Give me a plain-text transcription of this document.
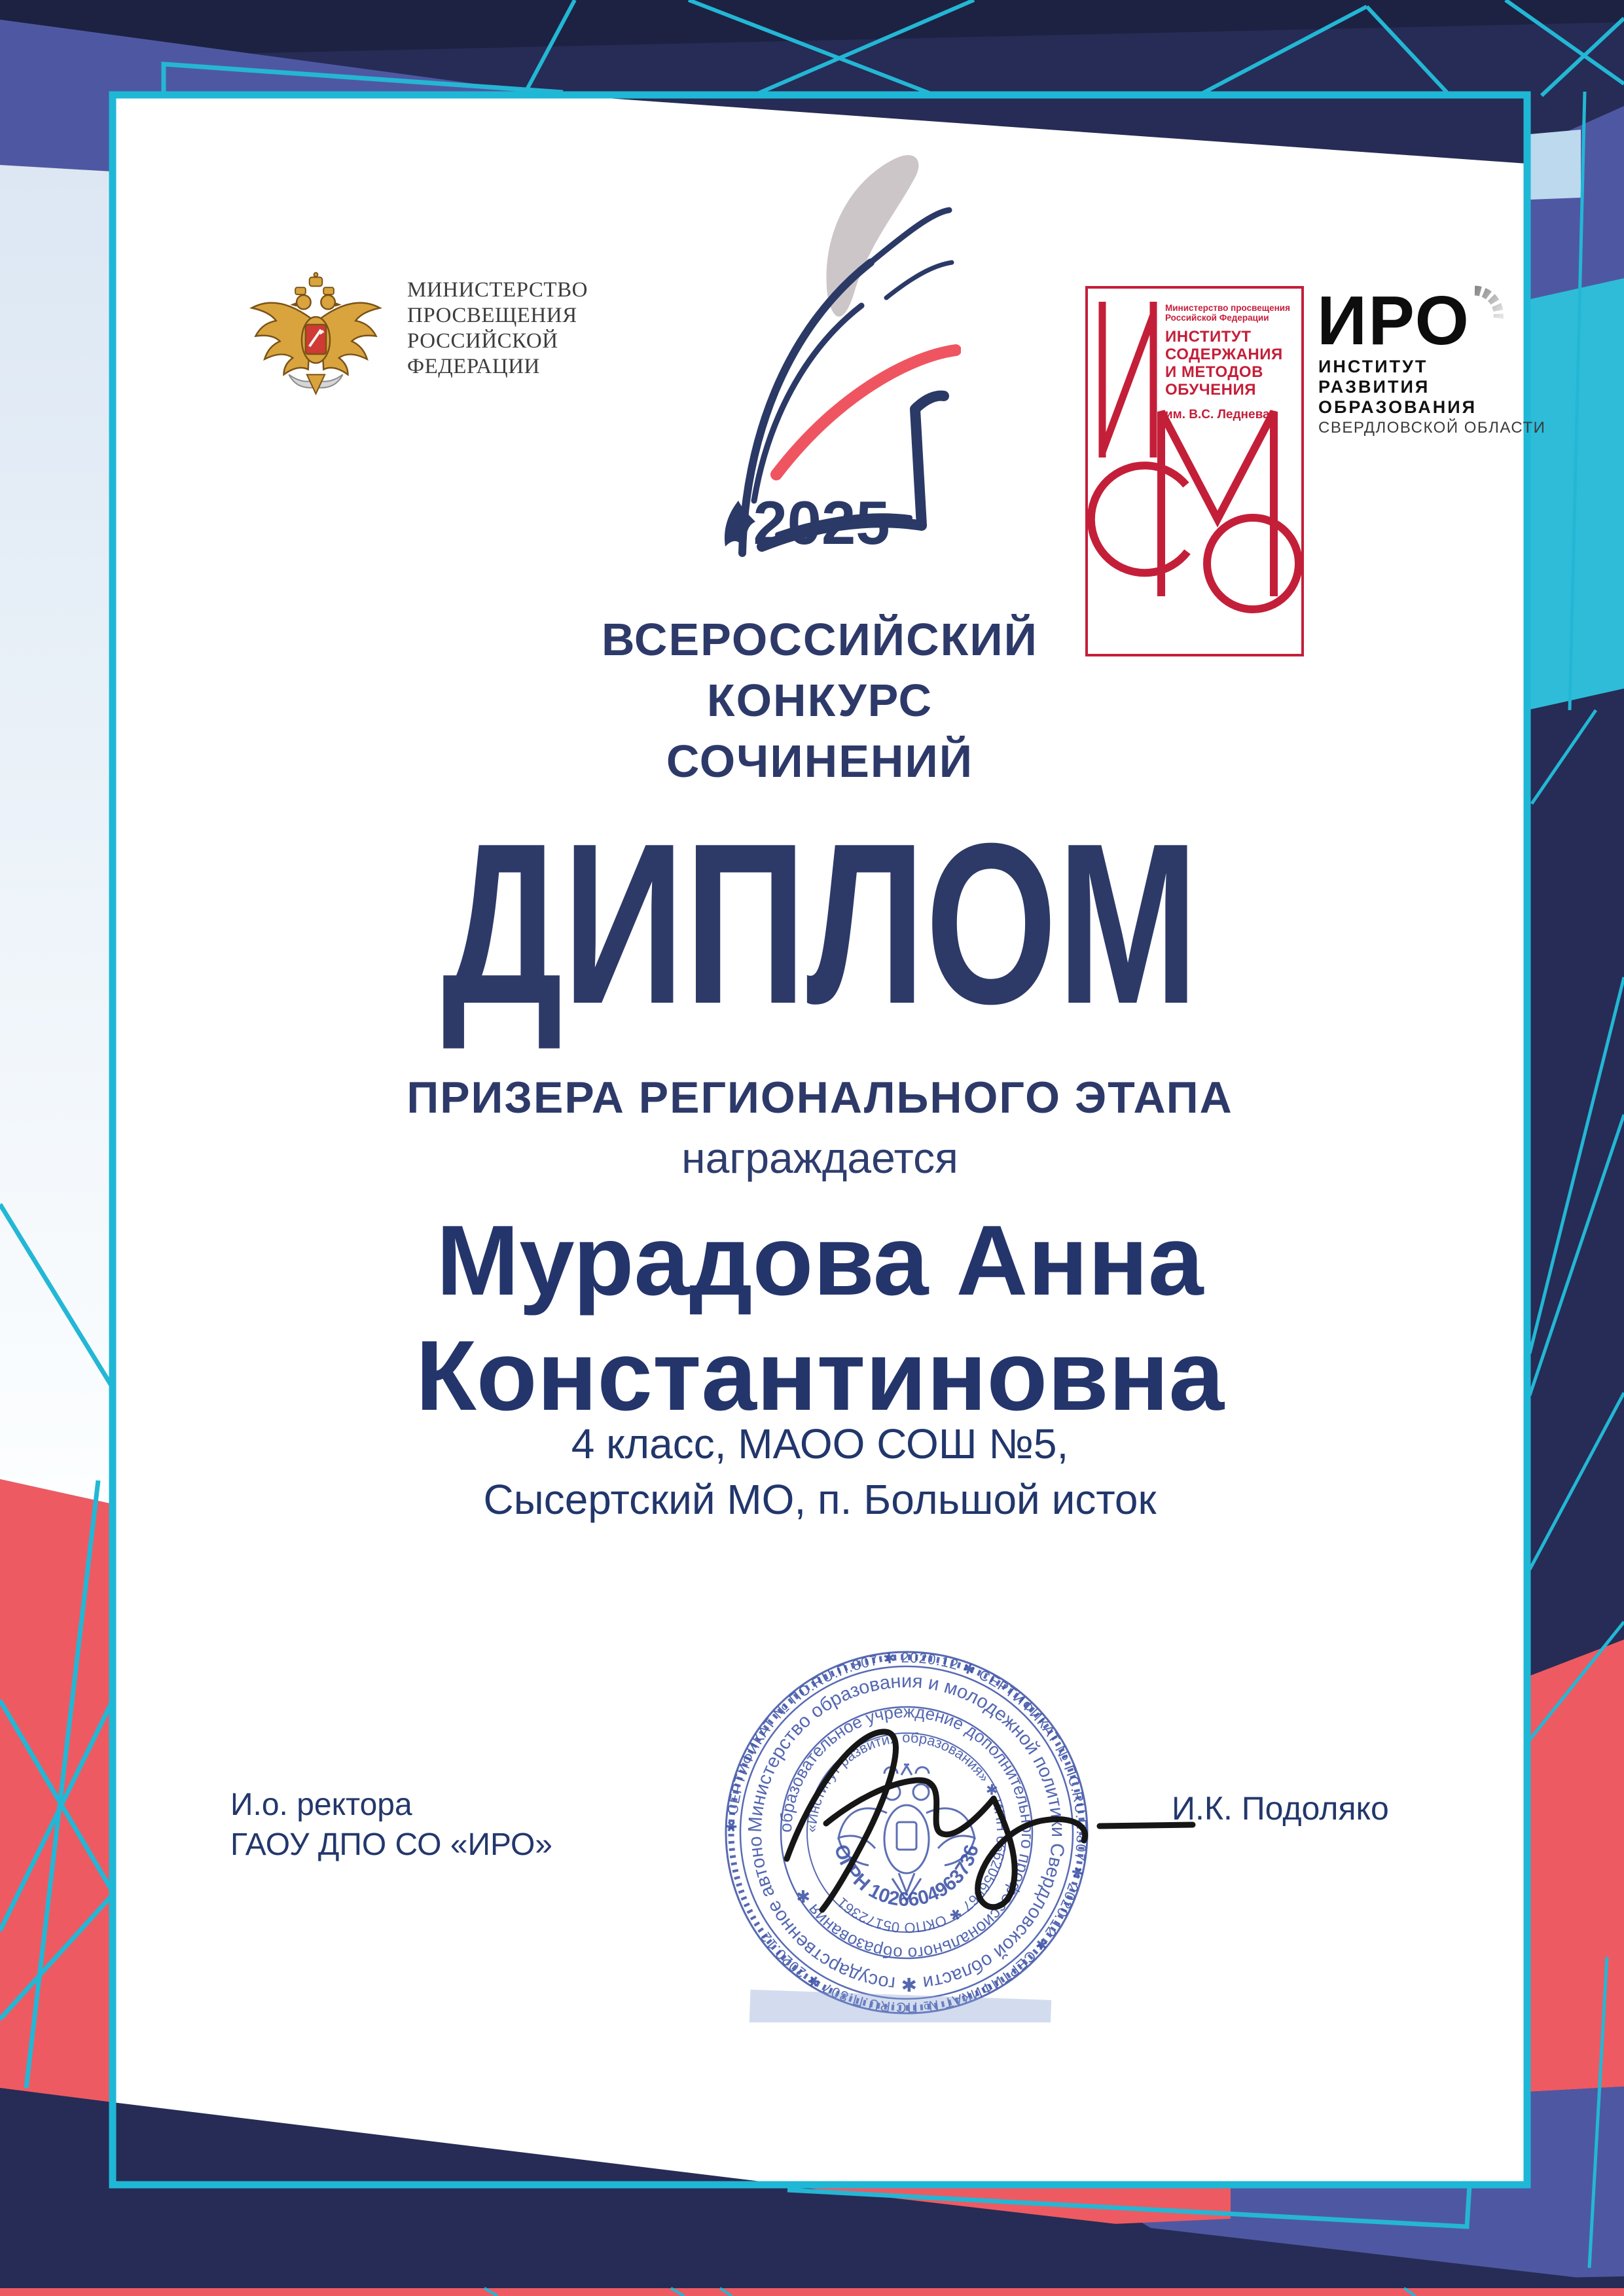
МИНИСТЕРСТВО
ПРОСВЕЩЕНИЯ
РОССИЙСКОЙ
ФЕДЕРАЦИИ
2025
Министерство просвещения
Российской Федерации
ИНСТИТУТ
СОДЕРЖАНИЯ
И МЕТОДОВ
ОБУЧЕНИЯ
им. В.С. Леднева
ИРО
ИНСТИТУТ
РАЗВИТИЯ
ОБРАЗОВАНИЯ
СВЕРДЛОВСКОЙ ОБЛАСТИ
ВСЕРОССИЙСКИЙ
КОНКУРС
СОЧИНЕНИЙ
ДИПЛОМ
ПРИЗЕРА РЕГИОНАЛЬНОГО ЭТАПА
награждается
Мурадова Анна
Константиновна
4 класс, МАОО СОШ №5,
Сысертский МО, п. Большой исток
✱ СЕРТИФИКАТ № ПС.RU.П.807 ✱ 2020.12 ✱ СЕРТИФИКАТ № ПС.RU.П.807 ✱ 2020.12 ✱ СЕРТИФИКАТ № ПС.RU.П.807 ✱ 2020.12
Министерство образования и молодежной политики Свердловской области ✱ государственное автономное
образовательное учреждение дополнительного профессионального образования ✱
«Институт развития образования» ✱ ИНН 6662056567 ✱ ОКПО 05172361
ОГРН 1026604963736
И.о. ректора
ГАОУ ДПО СО «ИРО»
И.К. Подоляко
